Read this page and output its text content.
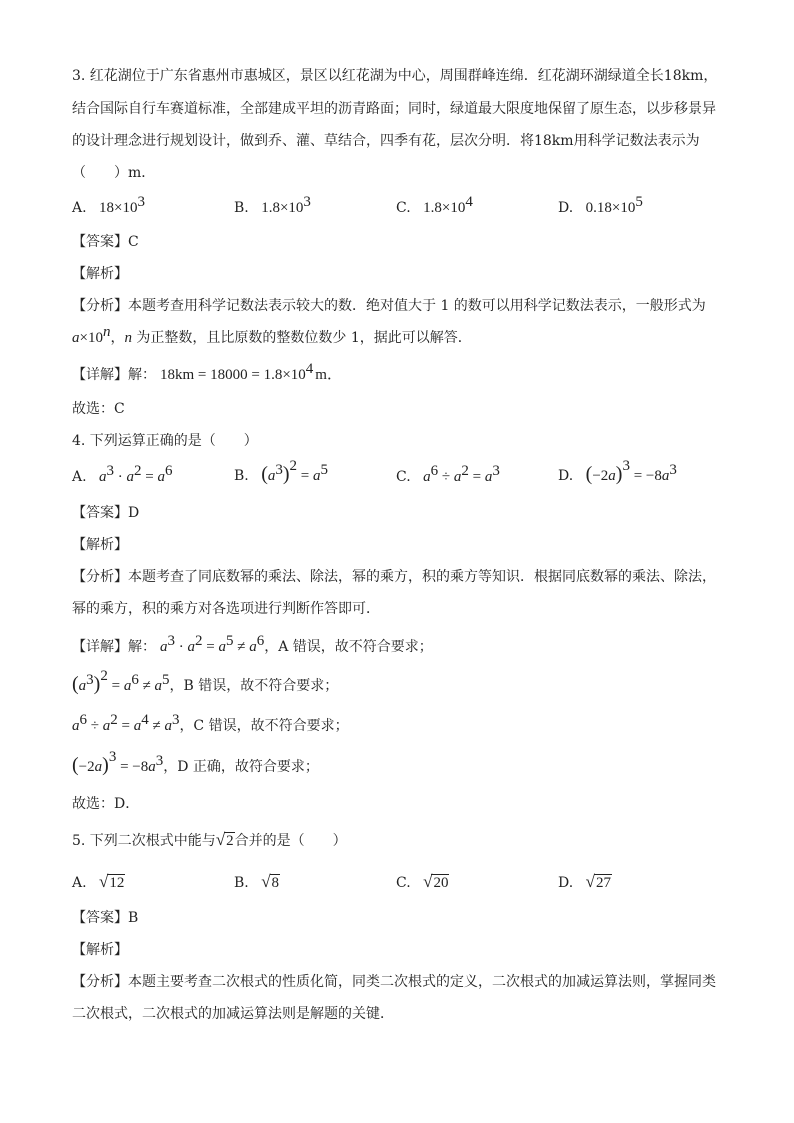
3. 红花湖位于广东省惠州市惠城区，景区以红花湖为中心，周围群峰连绵．红花湖环湖绿道全长18km，
结合国际自行车赛道标准，全部建成平坦的沥青路面；同时，绿道最大限度地保留了原生态，以步移景异
的设计理念进行规划设计，做到乔、灌、草结合，四季有花，层次分明．将18km用科学记数法表示为
（　　）m．
A. $18\times 10^3$	B. $1.8\times 10^3$	C. $1.8\times 10^4$	D. $0.18\times 10^5$
【答案】C
【解析】
【分析】本题考查用科学记数法表示较大的数．绝对值大于 1 的数可以用科学记数法表示，一般形式为
$a\times 10^n$，n 为正整数，且比原数的整数位数少 1，据此可以解答．
【详解】解： $18km = 18000 = 1.8\times 10^4$ m．
故选：C
4. 下列运算正确的是（　　）
A. $a^3 \cdot a^2 = a^6$	B. $(a^3)^2 = a^5$	C. $a^6 \div a^2 = a^3$	D. $(-2a)^3 = -8a^3$
【答案】D
【解析】
【分析】本题考查了同底数幂的乘法、除法，幂的乘方，积的乘方等知识．根据同底数幂的乘法、除法，
幂的乘方，积的乘方对各选项进行判断作答即可．
【详解】解： $a^3 \cdot a^2 = a^5 \ne a^6$，A 错误，故不符合要求；
$(a^3)^2 = a^6 \ne a^5$，B 错误，故不符合要求；
$a^6 \div a^2 = a^4 \ne a^3$，C 错误，故不符合要求；
$(-2a)^3 = -8a^3$，D 正确，故符合要求；
故选：D．
5. 下列二次根式中能与√2合并的是（　　）
A. √12	B. √8	C. √20	D. √27
【答案】B
【解析】
【分析】本题主要考查二次根式的性质化简，同类二次根式的定义，二次根式的加减运算法则，掌握同类
二次根式，二次根式的加减运算法则是解题的关键．
